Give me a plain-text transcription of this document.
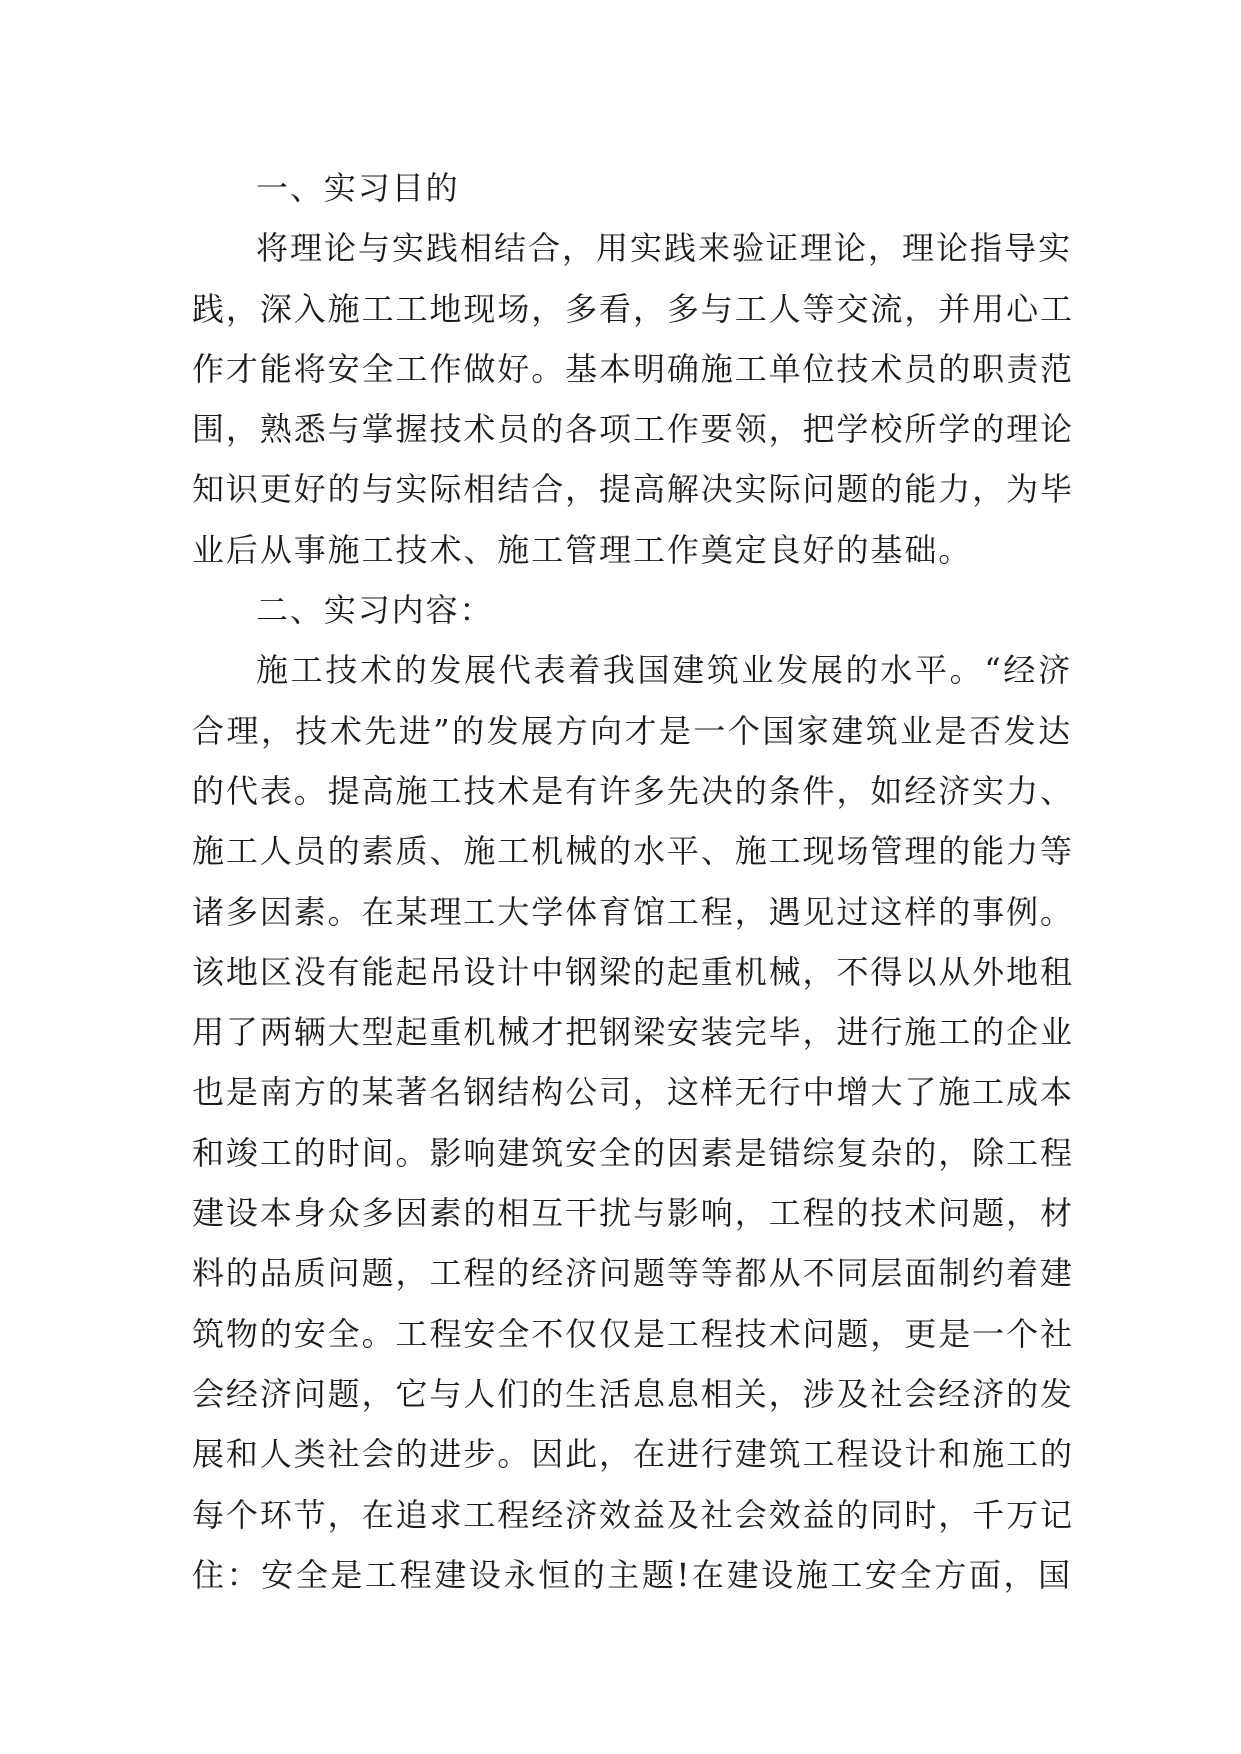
一、实习目的
将理论与实践相结合，用实践来验证理论，理论指导实
践，深入施工工地现场，多看，多与工人等交流，并用心工
作才能将安全工作做好。基本明确施工单位技术员的职责范
围，熟悉与掌握技术员的各项工作要领，把学校所学的理论
知识更好的与实际相结合，提高解决实际问题的能力，为毕
业后从事施工技术、施工管理工作奠定良好的基础。
二、实习内容：
施工技术的发展代表着我国建筑业发展的水平。“经济
合理，技术先进”的发展方向才是一个国家建筑业是否发达
的代表。提高施工技术是有许多先决的条件，如经济实力、
施工人员的素质、施工机械的水平、施工现场管理的能力等
诸多因素。在某理工大学体育馆工程，遇见过这样的事例。
该地区没有能起吊设计中钢梁的起重机械，不得以从外地租
用了两辆大型起重机械才把钢梁安装完毕，进行施工的企业
也是南方的某著名钢结构公司，这样无行中增大了施工成本
和竣工的时间。影响建筑安全的因素是错综复杂的，除工程
建设本身众多因素的相互干扰与影响，工程的技术问题，材
料的品质问题，工程的经济问题等等都从不同层面制约着建
筑物的安全。工程安全不仅仅是工程技术问题，更是一个社
会经济问题，它与人们的生活息息相关，涉及社会经济的发
展和人类社会的进步。因此，在进行建筑工程设计和施工的
每个环节，在追求工程经济效益及社会效益的同时，千万记
住：安全是工程建设永恒的主题!在建设施工安全方面，国
